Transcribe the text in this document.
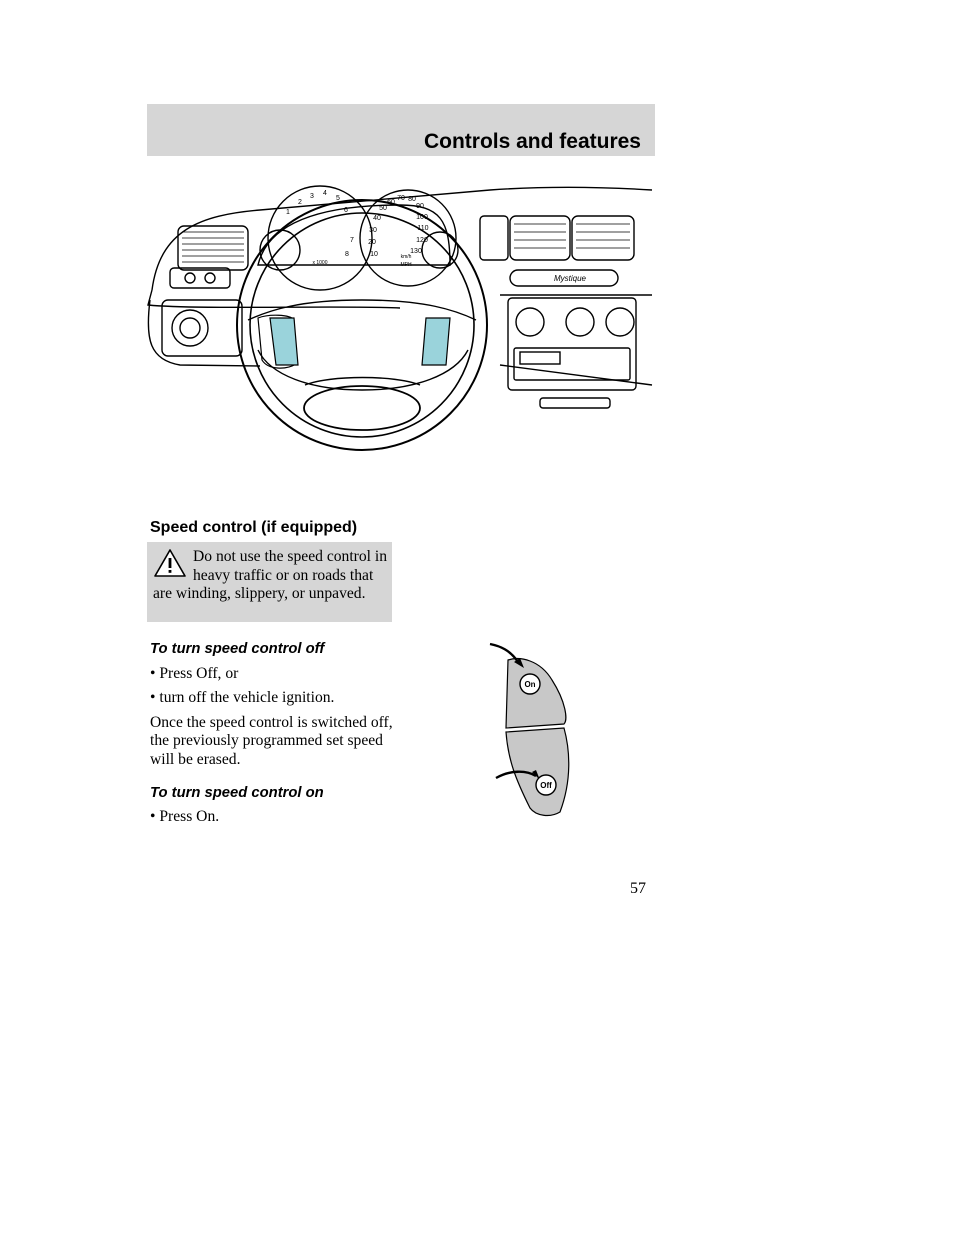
Controls and features
1
2
3 4
5
6
7
8
x 1000
10
20
30
40
50
60
70 80
90
100
110
120
130
km/h
MPH
Mystique
Speed control (if equipped)
Do not use the speed control in heavy traffic or on roads that are winding, slippery, or unpaved.
To turn speed control off
• Press Off, or
• turn off the vehicle ignition.
Once the speed control is switched off, the previously programmed set speed will be erased.
To turn speed control on
• Press On.
On
Off
57
